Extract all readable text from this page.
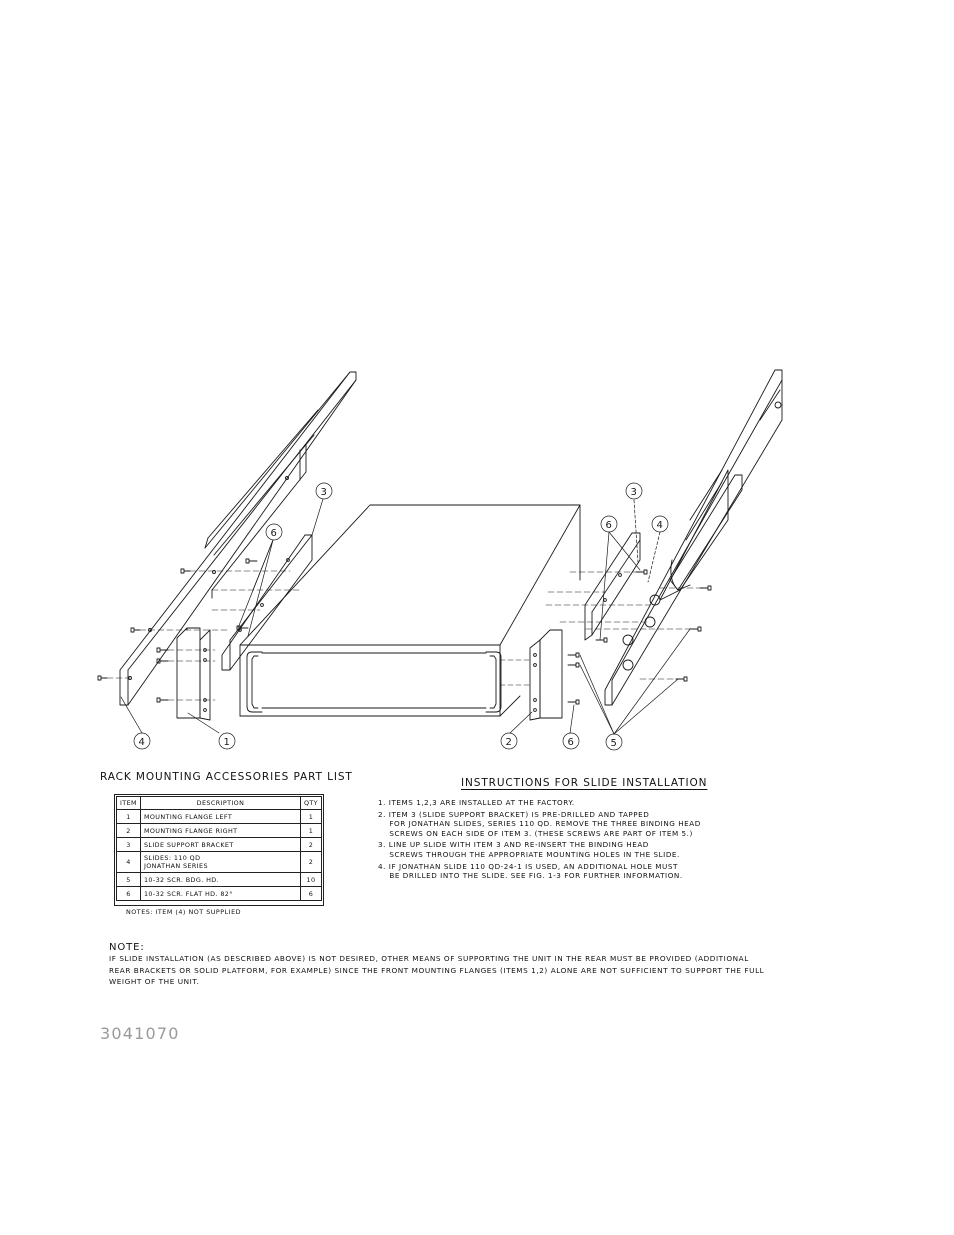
4	1
3
6
2	6
3
6	4
5
RACK MOUNTING ACCESSORIES PART LIST
ITEM	DESCRIPTION	QTY
1	MOUNTING FLANGE LEFT	1
2	MOUNTING FLANGE RIGHT	1
3	SLIDE SUPPORT BRACKET	2
4	SLIDES: 110 QD
JONATHAN SERIES	2
5	10-32 SCR. BDG. HD.	10
6	10-32 SCR. FLAT HD. 82°	6
NOTES: ITEM (4) NOT SUPPLIED
INSTRUCTIONS FOR SLIDE INSTALLATION
1. ITEMS 1,2,3 ARE INSTALLED AT THE FACTORY.
2. ITEM 3 (SLIDE SUPPORT BRACKET) IS PRE-DRILLED AND TAPPED
FOR JONATHAN SLIDES, SERIES 110 QD. REMOVE THE THREE BINDING HEAD
SCREWS ON EACH SIDE OF ITEM 3. (THESE SCREWS ARE PART OF ITEM 5.)
3. LINE UP SLIDE WITH ITEM 3 AND RE-INSERT THE BINDING HEAD
SCREWS THROUGH THE APPROPRIATE MOUNTING HOLES IN THE SLIDE.
4. IF JONATHAN SLIDE 110 QD-24-1 IS USED, AN ADDITIONAL HOLE MUST
BE DRILLED INTO THE SLIDE. SEE FIG. 1-3 FOR FURTHER INFORMATION.
NOTE:

IF SLIDE INSTALLATION (AS DESCRIBED ABOVE) IS NOT DESIRED, OTHER MEANS OF SUPPORTING THE UNIT IN THE REAR MUST BE PROVIDED (ADDITIONAL REAR BRACKETS OR SOLID PLATFORM, FOR EXAMPLE) SINCE THE FRONT MOUNTING FLANGES (ITEMS 1,2) ALONE ARE NOT SUFFICIENT TO SUPPORT THE FULL WEIGHT OF THE UNIT.

3041070
